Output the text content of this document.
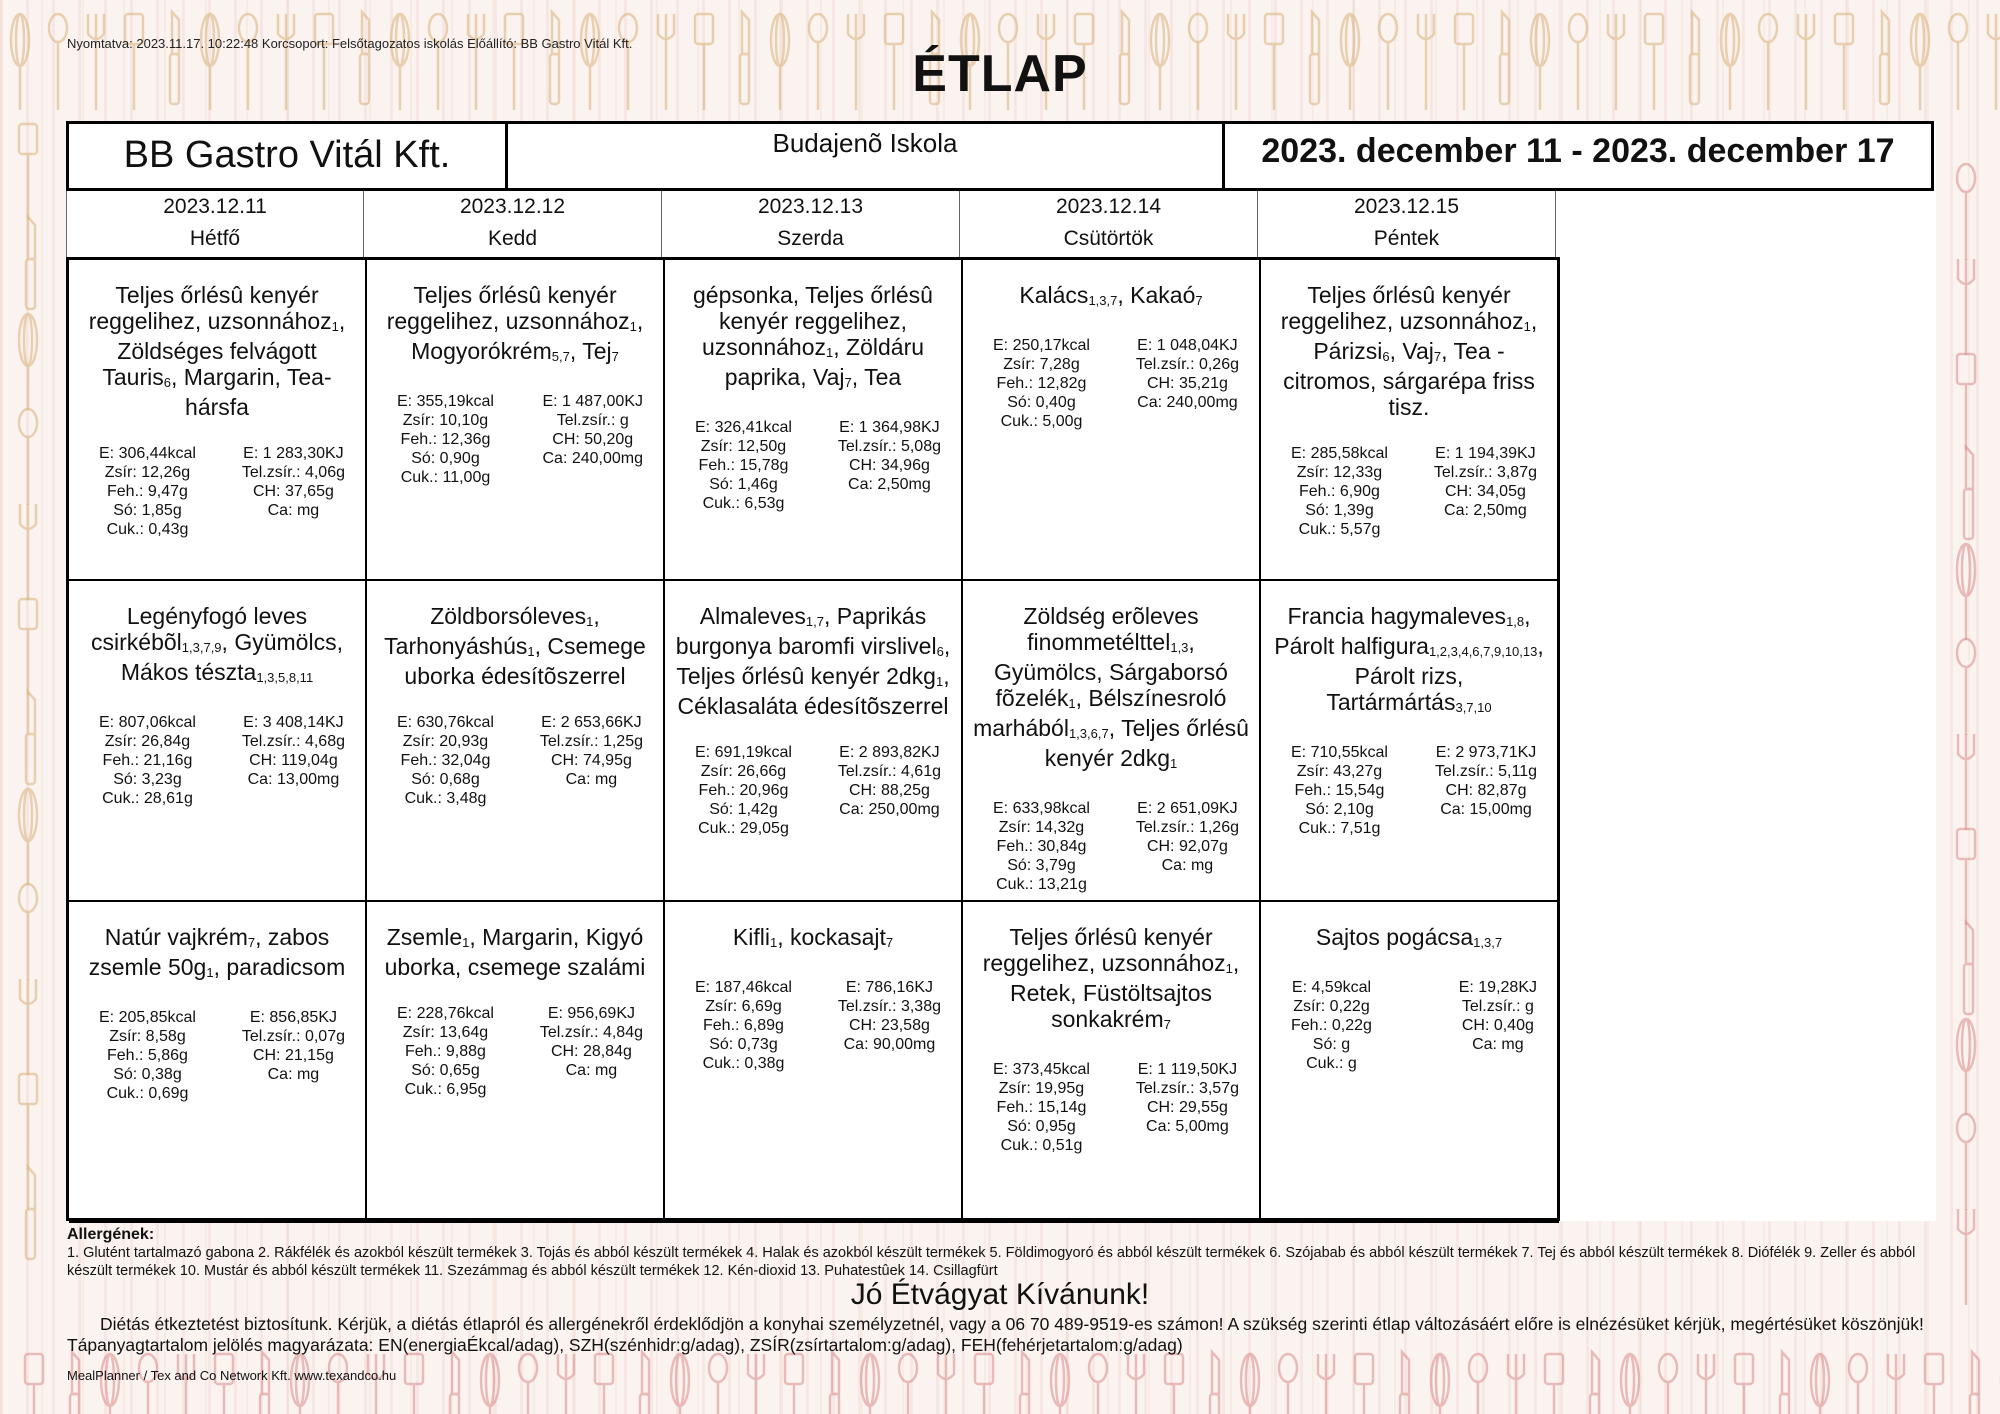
Nyomtatva: 2023.11.17. 10:22:48 Korcsoport: Felsőtagozatos iskolás Előállító: BB Gastro Vitál Kft.
ÉTLAP
BB Gastro Vitál Kft.	Budajenõ Iskola	2023. december 11 - 2023. december 17
2023.12.11
Hétfő
2023.12.12
Kedd
2023.12.13
Szerda
2023.12.14
Csütörtök
2023.12.15
Péntek
Teljes őrlésû kenyér reggelihez, uzsonnához$_1$, Zöldséges felvágott Tauris$_6$, Margarin, Tea- hársfa
E: 306,44kcal
Zsír: 12,26g
Feh.: 9,47g
Só: 1,85g
Cuk.: 0,43g
E: 1 283,30KJ
Tel.zsír.: 4,06g
CH: 37,65g
Ca: mg
Teljes őrlésû kenyér reggelihez, uzsonnához$_1$, Mogyorókrém$_{5,7}$, Tej$_7$
E: 355,19kcal
Zsír: 10,10g
Feh.: 12,36g
Só: 0,90g
Cuk.: 11,00g
E: 1 487,00KJ
Tel.zsír.: g
CH: 50,20g
Ca: 240,00mg
gépsonka, Teljes őrlésû kenyér reggelihez, uzsonnához$_1$, Zöldáru paprika, Vaj$_7$, Tea
E: 326,41kcal
Zsír: 12,50g
Feh.: 15,78g
Só: 1,46g
Cuk.: 6,53g
E: 1 364,98KJ
Tel.zsír.: 5,08g
CH: 34,96g
Ca: 2,50mg
Kalács$_{1,3,7}$, Kakaó$_7$
E: 250,17kcal
Zsír: 7,28g
Feh.: 12,82g
Só: 0,40g
Cuk.: 5,00g
E: 1 048,04KJ
Tel.zsír.: 0,26g
CH: 35,21g
Ca: 240,00mg
Teljes őrlésû kenyér reggelihez, uzsonnához$_1$, Párizsi$_6$, Vaj$_7$, Tea - citromos, sárgarépa friss tisz.
E: 285,58kcal
Zsír: 12,33g
Feh.: 6,90g
Só: 1,39g
Cuk.: 5,57g
E: 1 194,39KJ
Tel.zsír.: 3,87g
CH: 34,05g
Ca: 2,50mg
Legényfogó leves csirkébõl$_{1,3,7,9}$, Gyümölcs, Mákos tészta$_{1,3,5,8,11}$
E: 807,06kcal
Zsír: 26,84g
Feh.: 21,16g
Só: 3,23g
Cuk.: 28,61g
E: 3 408,14KJ
Tel.zsír.: 4,68g
CH: 119,04g
Ca: 13,00mg
Zöldborsóleves$_1$, Tarhonyáshús$_1$, Csemege uborka édesítõszerrel
E: 630,76kcal
Zsír: 20,93g
Feh.: 32,04g
Só: 0,68g
Cuk.: 3,48g
E: 2 653,66KJ
Tel.zsír.: 1,25g
CH: 74,95g
Ca: mg
Almaleves$_{1,7}$, Paprikás burgonya baromfi virslivel$_6$, Teljes őrlésû kenyér 2dkg$_1$, Céklasaláta édesítõszerrel
E: 691,19kcal
Zsír: 26,66g
Feh.: 20,96g
Só: 1,42g
Cuk.: 29,05g
E: 2 893,82KJ
Tel.zsír.: 4,61g
CH: 88,25g
Ca: 250,00mg
Zöldség erõleves finommetélttel$_{1,3}$, Gyümölcs, Sárgaborsó fõzelék$_1$, Bélszínesroló marhából$_{1,3,6,7}$, Teljes őrlésû kenyér 2dkg$_1$
E: 633,98kcal
Zsír: 14,32g
Feh.: 30,84g
Só: 3,79g
Cuk.: 13,21g
E: 2 651,09KJ
Tel.zsír.: 1,26g
CH: 92,07g
Ca: mg
Francia hagymaleves$_{1,8}$, Párolt halfigura$_{1,2,3,4,6,7,9,10,13}$, Párolt rizs, Tartármártás$_{3,7,10}$
E: 710,55kcal
Zsír: 43,27g
Feh.: 15,54g
Só: 2,10g
Cuk.: 7,51g
E: 2 973,71KJ
Tel.zsír.: 5,11g
CH: 82,87g
Ca: 15,00mg
Natúr vajkrém$_7$, zabos zsemle $50g_1$, paradicsom
E: 205,85kcal
Zsír: 8,58g
Feh.: 5,86g
Só: 0,38g
Cuk.: 0,69g
E: 856,85KJ
Tel.zsír.: 0,07g
CH: 21,15g
Ca: mg
Zsemle$_1$, Margarin, Kigyó uborka, csemege szalámi
E: 228,76kcal
Zsír: 13,64g
Feh.: 9,88g
Só: 0,65g
Cuk.: 6,95g
E: 956,69KJ
Tel.zsír.: 4,84g
CH: 28,84g
Ca: mg
Kifli$_1$, kockasajt$_7$
E: 187,46kcal
Zsír: 6,69g
Feh.: 6,89g
Só: 0,73g
Cuk.: 0,38g
E: 786,16KJ
Tel.zsír.: 3,38g
CH: 23,58g
Ca: 90,00mg
Teljes őrlésû kenyér reggelihez, uzsonnához$_1$, Retek, Füstöltsajtos sonkakrém$_7$
E: 373,45kcal
Zsír: 19,95g
Feh.: 15,14g
Só: 0,95g
Cuk.: 0,51g
E: 1 119,50KJ
Tel.zsír.: 3,57g
CH: 29,55g
Ca: 5,00mg
Sajtos pogácsa$_{1,3,7}$
E: 4,59kcal
Zsír: 0,22g
Feh.: 0,22g
Só: g
Cuk.: g
E: 19,28KJ
Tel.zsír.: g
CH: 0,40g
Ca: mg
Allergének:
1. Glutént tartalmazó gabona 2. Rákfélék és azokból készült termékek 3. Tojás és abból készült termékek 4. Halak és azokból készült termékek 5. Földimogyoró és abból készült termékek 6. Szójabab és abból készült termékek 7. Tej és abból készült termékek 8. Diófélék 9. Zeller és abból készült termékek 10. Mustár és abból készült termékek 11. Szezámmag és abból készült termékek 12. Kén-dioxid 13. Puhatestûek 14. Csillagfürt
Jó Étvágyat Kívánunk!
Diétás étkeztetést biztosítunk. Kérjük, a diétás étlapról és allergénekről érdeklődjön a konyhai személyzetnél, vagy a 06 70 489-9519-es számon! A szükség szerinti étlap változásáért előre is elnézésüket kérjük, megértésüket köszönjük! Tápanyagtartalom jelölés magyarázata: EN(energiaÉkcal/adag), SZH(szénhidr:g/adag), ZSÍR(zsírtartalom:g/adag), FEH(fehérjetartalom:g/adag)
MealPlanner / Tex and Co Network Kft. www.texandco.hu
